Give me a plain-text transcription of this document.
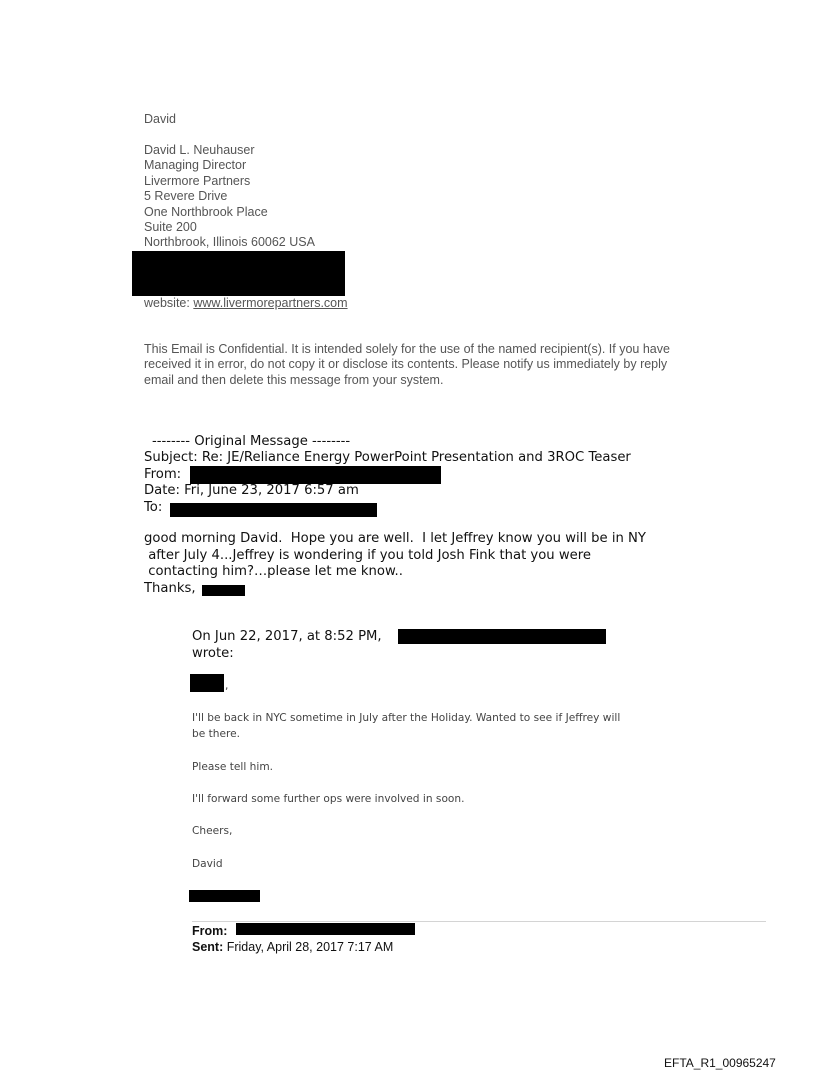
David
David L. Neuhauser
Managing Director
Livermore Partners
5 Revere Drive
One Northbrook Place
Suite 200
Northbrook, Illinois 60062 USA
website: www.livermorepartners.com
This Email is Confidential. It is intended solely for the use of the named recipient(s). If you have
received it in error, do not copy it or disclose its contents. Please notify us immediately by reply
email and then delete this message from your system.
-------- Original Message --------
Subject: Re: JE/Reliance Energy PowerPoint Presentation and 3ROC Teaser
From:
Date: Fri, June 23, 2017 6:57 am
To:
good morning David.  Hope you are well.  I let Jeffrey know you will be in NY
after July 4...Jeffrey is wondering if you told Josh Fink that you were
contacting him?…please let me know..
Thanks,
On Jun 22, 2017, at 8:52 PM,
wrote:
,
I'll be back in NYC sometime in July after the Holiday. Wanted to see if Jeffrey will
be there.
Please tell him.
I'll forward some further ops were involved in soon.
Cheers,
David
From:
Sent: Friday, April 28, 2017 7:17 AM
EFTA_R1_00965247
